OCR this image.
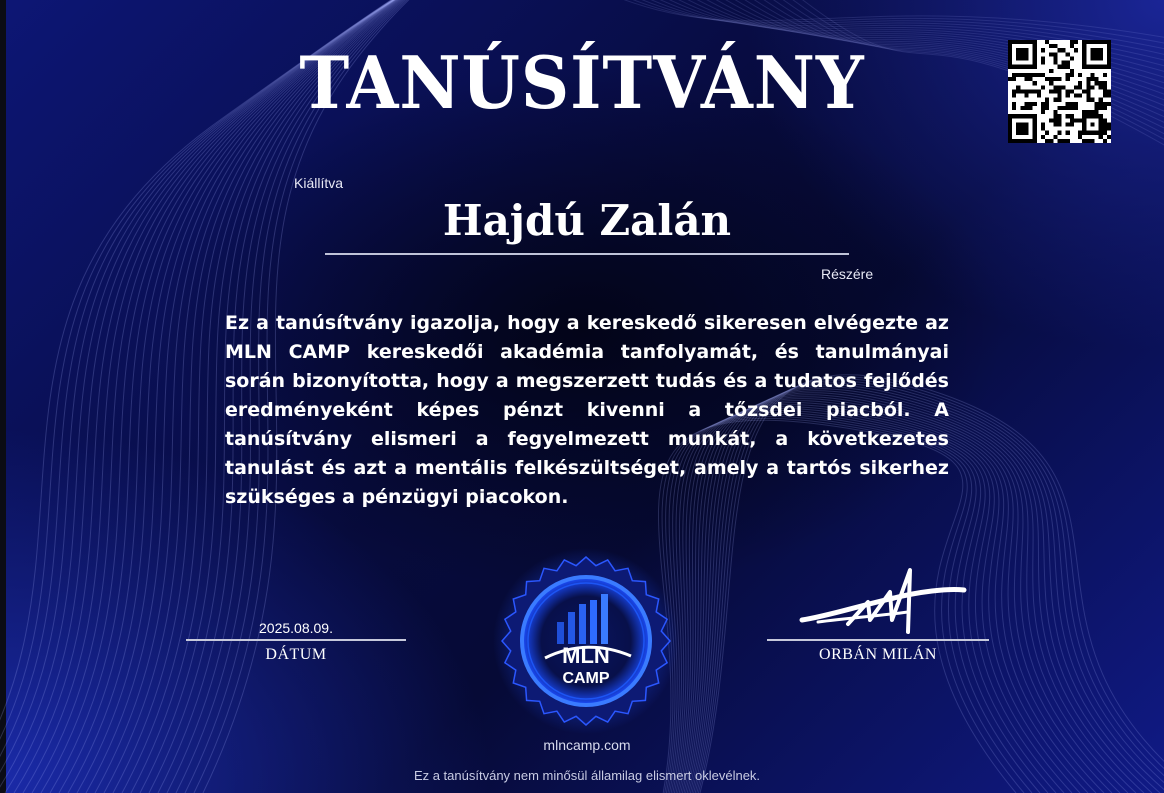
TANÚSÍTVÁNY
Kiállítva
Hajdú Zalán
Részére
Ez a tanúsítvány igazolja, hogy a kereskedő sikeresen elvégezte az MLN CAMP kereskedői akadémia tanfolyamát, és tanulmányai során bizonyította, hogy a megszerzett tudás és a tudatos fejlődés eredményeként képes pénzt kivenni a tőzsdei piacból. A tanúsítvány elismeri a fegyelmezett munkát, a következetes tanulást és azt a mentális felkészültséget, amely a tartós sikerhez szükséges a pénzügyi piacokon.
2025.08.09.
DÁTUM	ORBÁN MILÁN
MLN
CAMP
mlncamp.com
Ez a tanúsítvány nem minősül államilag elismert oklevélnek.
